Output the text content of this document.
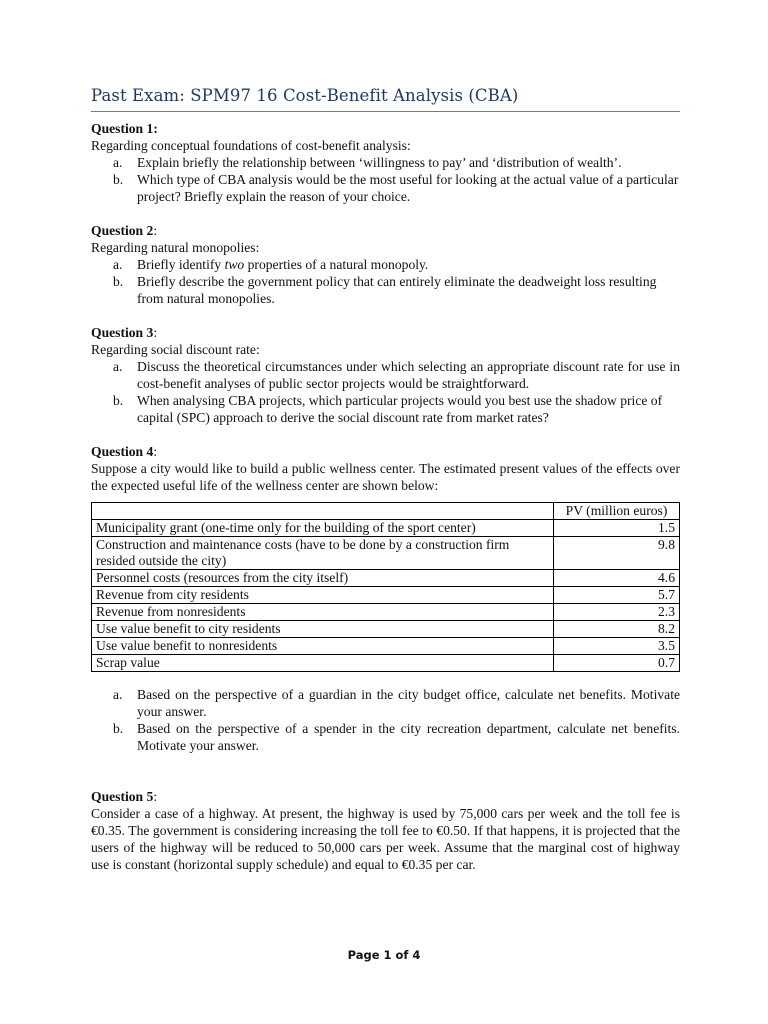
Past Exam: SPM97 16 Cost-Benefit Analysis (CBA)

Question 1:

Regarding conceptual foundations of cost-benefit analysis:

a. Explain briefly the relationship between ‘willingness to pay’ and ‘distribution of wealth’.
b. Which type of CBA analysis would be the most useful for looking at the actual value of a particular project? Briefly explain the reason of your choice.

Question 2:

Regarding natural monopolies:

a. Briefly identify two properties of a natural monopoly.
b. Briefly describe the government policy that can entirely eliminate the deadweight loss resulting from natural monopolies.

Question 3:

Regarding social discount rate:

a. Discuss the theoretical circumstances under which selecting an appropriate discount rate for use in cost-benefit analyses of public sector projects would be straightforward.
b. When analysing CBA projects, which particular projects would you best use the shadow price of capital (SPC) approach to derive the social discount rate from market rates?

Question 4:

Suppose a city would like to build a public wellness center. The estimated present values of the effects over the expected useful life of the wellness center are shown below:

	PV (million euros)
Municipality grant (one-time only for the building of the sport center)	1.5
Construction and maintenance costs (have to be done by a construction firm resided outside the city)	9.8
Personnel costs (resources from the city itself)	4.6
Revenue from city residents	5.7
Revenue from nonresidents	2.3
Use value benefit to city residents	8.2
Use value benefit to nonresidents	3.5
Scrap value	0.7
a. Based on the perspective of a guardian in the city budget office, calculate net benefits. Motivate your answer.
b. Based on the perspective of a spender in the city recreation department, calculate net benefits. Motivate your answer.

Question 5:

Consider a case of a highway. At present, the highway is used by 75,000 cars per week and the toll fee is €0.35. The government is considering increasing the toll fee to €0.50. If that happens, it is projected that the users of the highway will be reduced to 50,000 cars per week. Assume that the marginal cost of highway use is constant (horizontal supply schedule) and equal to €0.35 per car.

Page 1 of 4
